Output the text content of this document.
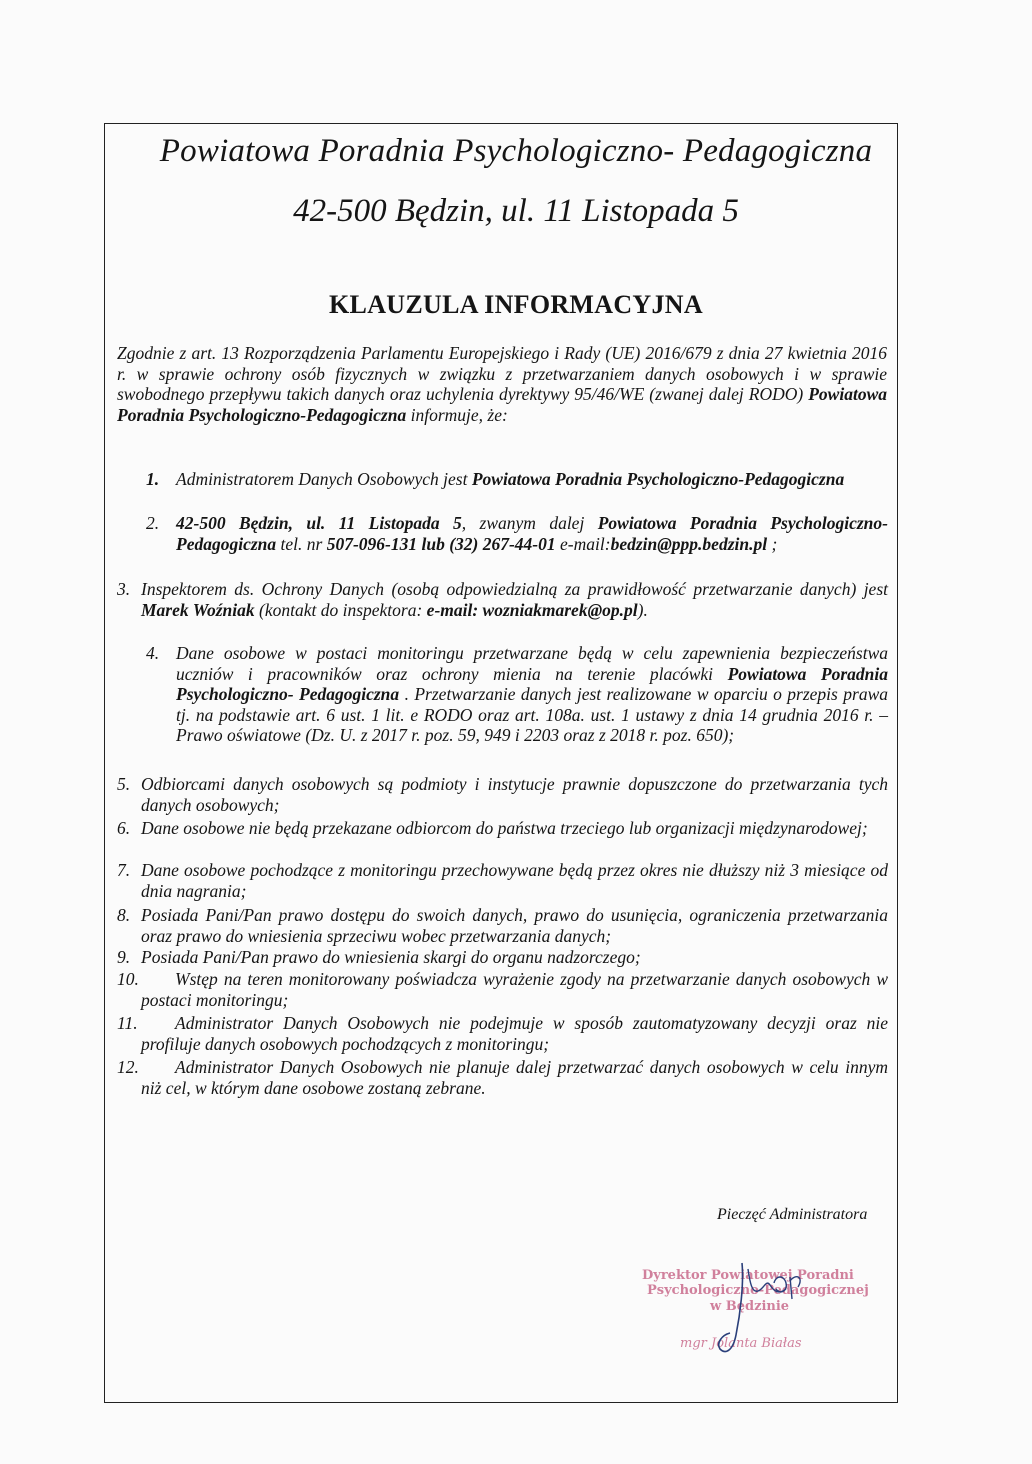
Powiatowa Poradnia Psychologiczno- Pedagogiczna
42-500 Będzin, ul. 11 Listopada 5
KLAUZULA INFORMACYJNA
Zgodnie z art. 13 Rozporządzenia Parlamentu Europejskiego i Rady (UE) 2016/679 z dnia 27 kwietnia 2016 r. w sprawie ochrony osób fizycznych w związku z przetwarzaniem danych osobowych i w sprawie swobodnego przepływu takich danych oraz uchylenia dyrektywy 95/46/WE (zwanej dalej RODO) Powiatowa Poradnia Psychologiczno-Pedagogiczna informuje, że:
1. Administratorem Danych Osobowych jest Powiatowa Poradnia Psychologiczno-Pedagogiczna
2. 42-500 Będzin, ul. 11 Listopada 5, zwanym dalej Powiatowa Poradnia Psychologiczno-Pedagogiczna tel. nr 507-096-131 lub (32) 267-44-01 e-mail:bedzin@ppp.bedzin.pl ;
3. Inspektorem ds. Ochrony Danych (osobą odpowiedzialną za prawidłowość przetwarzanie danych) jest Marek Woźniak (kontakt do inspektora: e-mail: wozniakmarek@op.pl).
4. Dane osobowe w postaci monitoringu przetwarzane będą w celu zapewnienia bezpieczeństwa uczniów i pracowników oraz ochrony mienia na terenie placówki Powiatowa Poradnia Psychologiczno- Pedagogiczna . Przetwarzanie danych jest realizowane w oparciu o przepis prawa tj. na podstawie art. 6 ust. 1 lit. e RODO oraz art. 108a. ust. 1 ustawy z dnia 14 grudnia 2016 r. – Prawo oświatowe (Dz. U. z 2017 r. poz. 59, 949 i 2203 oraz z 2018 r. poz. 650);
5. Odbiorcami danych osobowych są podmioty i instytucje prawnie dopuszczone do przetwarzania tych danych osobowych;
6. Dane osobowe nie będą przekazane odbiorcom do państwa trzeciego lub organizacji międzynarodowej;
7. Dane osobowe pochodzące z monitoringu przechowywane będą przez okres nie dłuższy niż 3 miesiące od dnia nagrania;
8. Posiada Pani/Pan prawo dostępu do swoich danych, prawo do usunięcia, ograniczenia przetwarzania oraz prawo do wniesienia sprzeciwu wobec przetwarzania danych;
9. Posiada Pani/Pan prawo do wniesienia skargi do organu nadzorczego;
10.	Wstęp na teren monitorowany poświadcza wyrażenie zgody na przetwarzanie danych osobowych w postaci monitoringu;
11.	Administrator Danych Osobowych nie podejmuje w sposób zautomatyzowany decyzji oraz nie profiluje danych osobowych pochodzących z monitoringu;
12.	Administrator Danych Osobowych nie planuje dalej przetwarzać danych osobowych w celu innym niż cel, w którym dane osobowe zostaną zebrane.
Pieczęć Administratora
Dyrektor Powiatowej Poradni
Psychologiczno-Pedagogicznej
w Będzinie
mgr Jolanta Białas
